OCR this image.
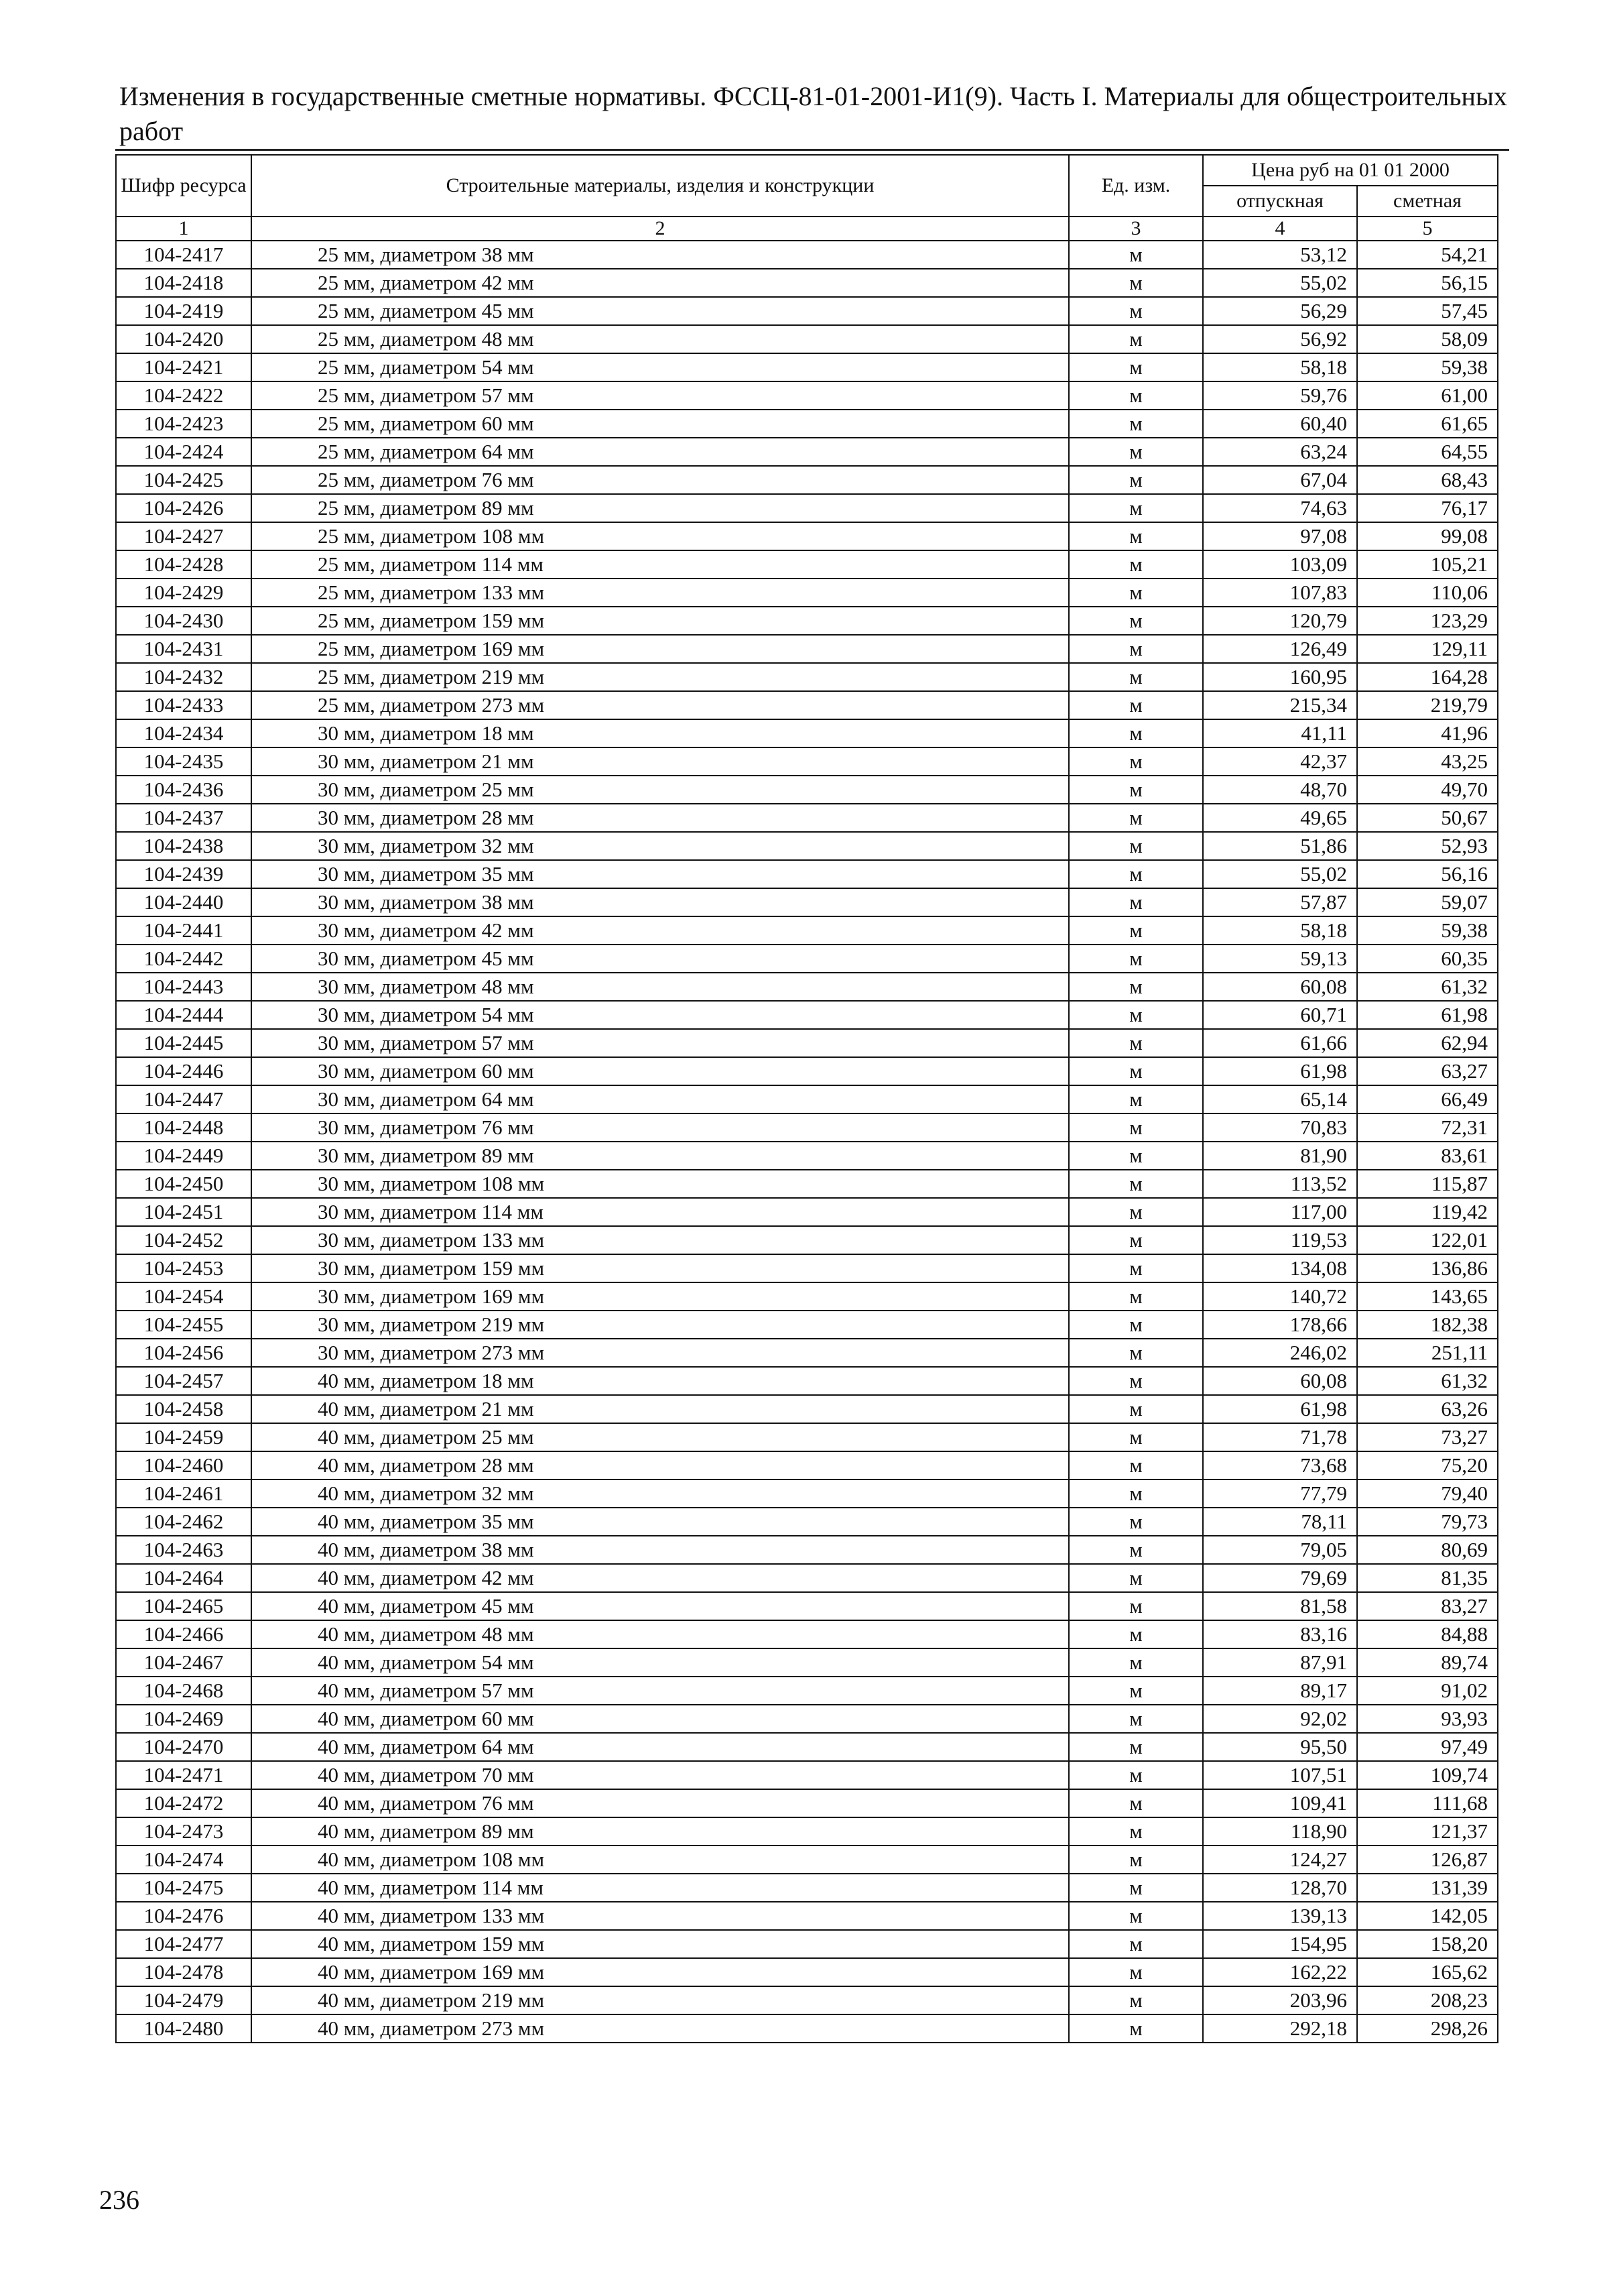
Изменения в государственные сметные нормативы. ФССЦ-81-01-2001-И1(9). Часть I. Материалы для общестроительных работ
Шифр ресурса	Строительные материалы, изделия и конструкции	Ед. изм.	Цена руб на 01 01 2000	
			отпускная	сметная
1	2	3	4	5
104-2417	25 мм, диаметром 38 мм	м	53,12	54,21
104-2418	25 мм, диаметром 42 мм	м	55,02	56,15
104-2419	25 мм, диаметром 45 мм	м	56,29	57,45
104-2420	25 мм, диаметром 48 мм	м	56,92	58,09
104-2421	25 мм, диаметром 54 мм	м	58,18	59,38
104-2422	25 мм, диаметром 57 мм	м	59,76	61,00
104-2423	25 мм, диаметром 60 мм	м	60,40	61,65
104-2424	25 мм, диаметром 64 мм	м	63,24	64,55
104-2425	25 мм, диаметром 76 мм	м	67,04	68,43
104-2426	25 мм, диаметром 89 мм	м	74,63	76,17
104-2427	25 мм, диаметром 108 мм	м	97,08	99,08
104-2428	25 мм, диаметром 114 мм	м	103,09	105,21
104-2429	25 мм, диаметром 133 мм	м	107,83	110,06
104-2430	25 мм, диаметром 159 мм	м	120,79	123,29
104-2431	25 мм, диаметром 169 мм	м	126,49	129,11
104-2432	25 мм, диаметром 219 мм	м	160,95	164,28
104-2433	25 мм, диаметром 273 мм	м	215,34	219,79
104-2434	30 мм, диаметром 18 мм	м	41,11	41,96
104-2435	30 мм, диаметром 21 мм	м	42,37	43,25
104-2436	30 мм, диаметром 25 мм	м	48,70	49,70
104-2437	30 мм, диаметром 28 мм	м	49,65	50,67
104-2438	30 мм, диаметром 32 мм	м	51,86	52,93
104-2439	30 мм, диаметром 35 мм	м	55,02	56,16
104-2440	30 мм, диаметром 38 мм	м	57,87	59,07
104-2441	30 мм, диаметром 42 мм	м	58,18	59,38
104-2442	30 мм, диаметром 45 мм	м	59,13	60,35
104-2443	30 мм, диаметром 48 мм	м	60,08	61,32
104-2444	30 мм, диаметром 54 мм	м	60,71	61,98
104-2445	30 мм, диаметром 57 мм	м	61,66	62,94
104-2446	30 мм, диаметром 60 мм	м	61,98	63,27
104-2447	30 мм, диаметром 64 мм	м	65,14	66,49
104-2448	30 мм, диаметром 76 мм	м	70,83	72,31
104-2449	30 мм, диаметром 89 мм	м	81,90	83,61
104-2450	30 мм, диаметром 108 мм	м	113,52	115,87
104-2451	30 мм, диаметром 114 мм	м	117,00	119,42
104-2452	30 мм, диаметром 133 мм	м	119,53	122,01
104-2453	30 мм, диаметром 159 мм	м	134,08	136,86
104-2454	30 мм, диаметром 169 мм	м	140,72	143,65
104-2455	30 мм, диаметром 219 мм	м	178,66	182,38
104-2456	30 мм, диаметром 273 мм	м	246,02	251,11
104-2457	40 мм, диаметром 18 мм	м	60,08	61,32
104-2458	40 мм, диаметром 21 мм	м	61,98	63,26
104-2459	40 мм, диаметром 25 мм	м	71,78	73,27
104-2460	40 мм, диаметром 28 мм	м	73,68	75,20
104-2461	40 мм, диаметром 32 мм	м	77,79	79,40
104-2462	40 мм, диаметром 35 мм	м	78,11	79,73
104-2463	40 мм, диаметром 38 мм	м	79,05	80,69
104-2464	40 мм, диаметром 42 мм	м	79,69	81,35
104-2465	40 мм, диаметром 45 мм	м	81,58	83,27
104-2466	40 мм, диаметром 48 мм	м	83,16	84,88
104-2467	40 мм, диаметром 54 мм	м	87,91	89,74
104-2468	40 мм, диаметром 57 мм	м	89,17	91,02
104-2469	40 мм, диаметром 60 мм	м	92,02	93,93
104-2470	40 мм, диаметром 64 мм	м	95,50	97,49
104-2471	40 мм, диаметром 70 мм	м	107,51	109,74
104-2472	40 мм, диаметром 76 мм	м	109,41	111,68
104-2473	40 мм, диаметром 89 мм	м	118,90	121,37
104-2474	40 мм, диаметром 108 мм	м	124,27	126,87
104-2475	40 мм, диаметром 114 мм	м	128,70	131,39
104-2476	40 мм, диаметром 133 мм	м	139,13	142,05
104-2477	40 мм, диаметром 159 мм	м	154,95	158,20
104-2478	40 мм, диаметром 169 мм	м	162,22	165,62
104-2479	40 мм, диаметром 219 мм	м	203,96	208,23
104-2480	40 мм, диаметром 273 мм	м	292,18	298,26
236
